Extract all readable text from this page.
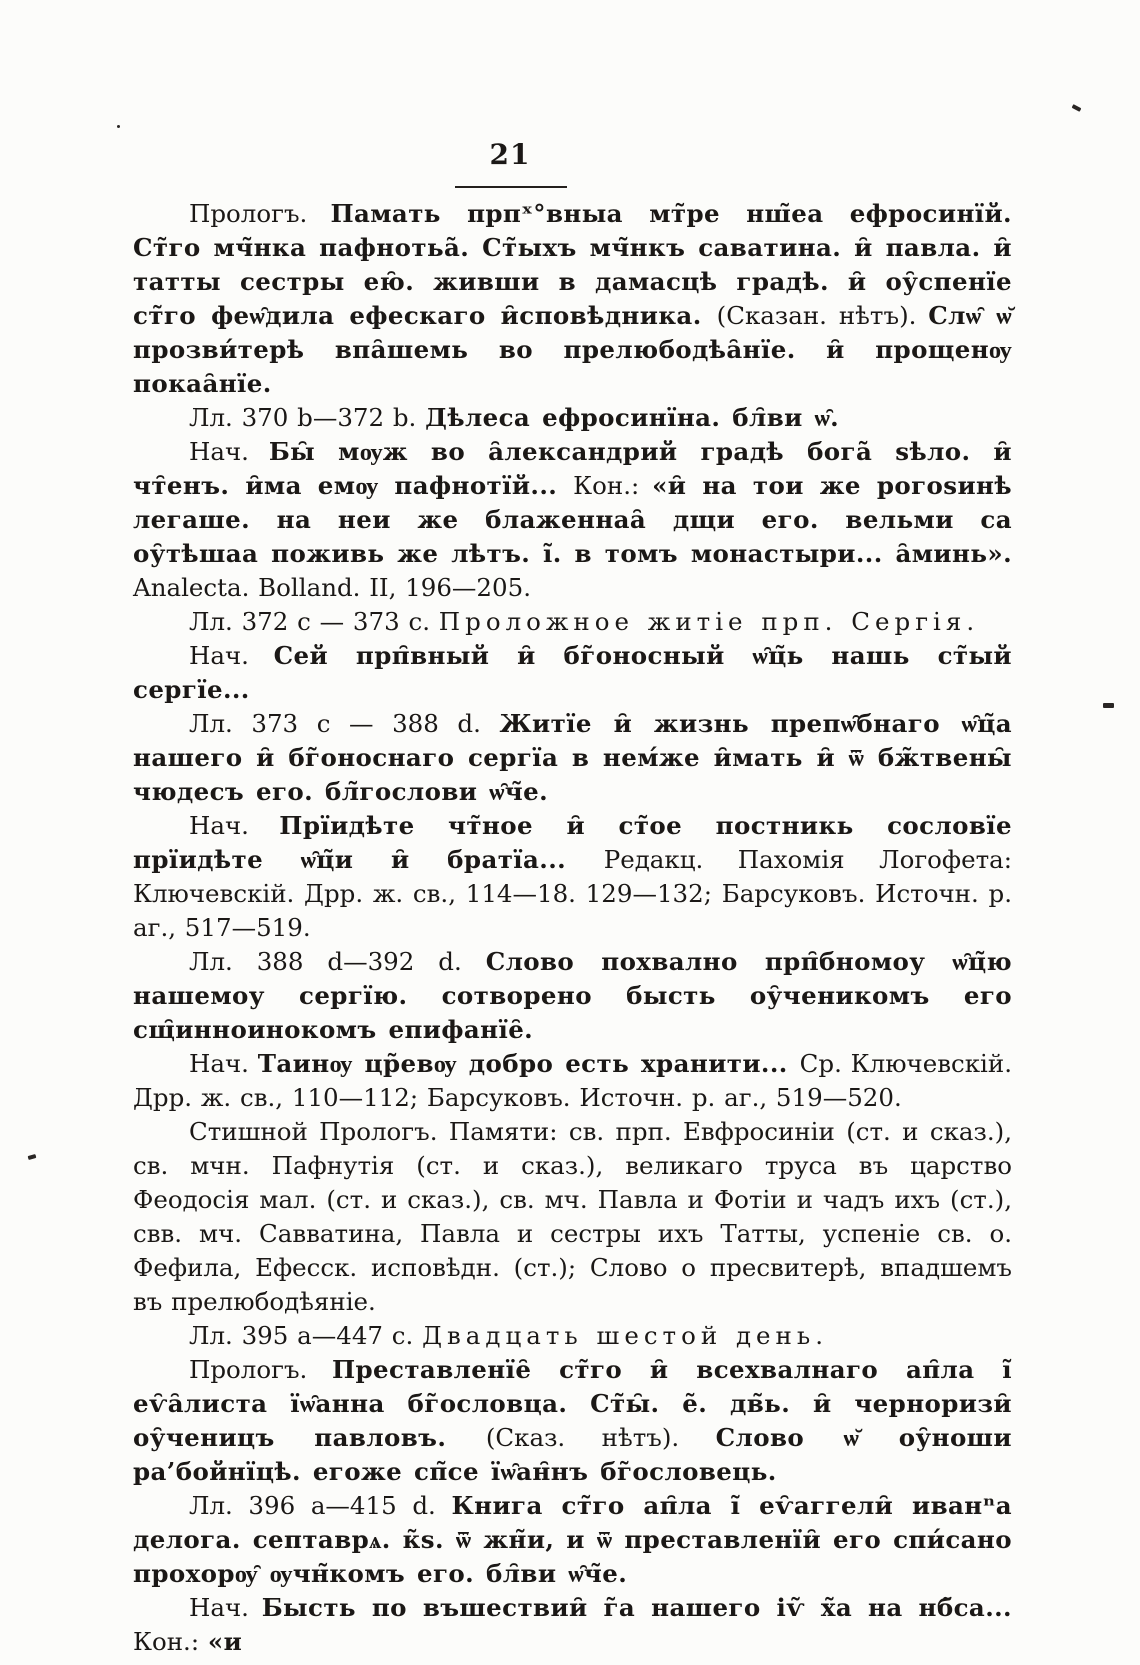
21

Прологъ. Памать прпˣ°вныа мт̃ре нш̃еа ефросинїй. Ст̃го мч̃нка пафнотьа̃. Ст̃ыхъ мч̃нкъ саватина. и̑ павла. и̑ татты сестры ею̑. живши в дамасцѣ градѣ. и̑ оу̑спенїе ст̃го феѡ̑дила ефескаго и̑сповѣдника. (Сказан. нѣтъ). Слѡ̑ ѡ̆ прозви́терѣ впа̑шемь во прелюбодѣа̑нїе. и̑ прощенѹ покаа̑нїе.

Лл. 370 b—372 b. Дѣлеса ефросинїна. бл̑ви ѡ̑.

Нач. Бы̑ мѹж во а̑лександрий градѣ бога̃ ѕѣло. и̑ чт̑енъ. и̑ма емѹ пафнотїй... Кон.: «и̑ на тои же рогоѕинѣ легаше. на неи же блаженнаа̑ дщи его. вельми са оу̑тѣшаа поживь же лѣтъ. і̃. в томъ монастыри... а̑минь». Analecta. Bolland. II, 196—205.

Лл. 372 c — 373 c. Проложное житіе прп. Сергія.

Нач. Сей прп̑вный и̑ бг̃оносный ѡ̑ц̃ь нашь ст̃ый сергїе...

Лл. 373 c — 388 d. Житїе и̑ жизнь препѡ̑бнаго ѡ̑ц̃а нашего и̑ бг̃оноснаго сергїа в нем́же и̑мать и̑ ѿ бж̃твены̑ чюдесъ его. бл̃гослови ѡ̑ч̃е.

Нач. Прїидѣте чт̃ное и̑ ст̃ое постникь сословїе прїидѣте ѡ̑ц̃и и̑ братїа... Редакц. Пахомія Логофета: Ключевскій. Дрр. ж. св., 114—18. 129—132; Барсуковъ. Источн. р. аг., 517—519.

Лл. 388 d—392 d. Слово похвално прп̑бномоу ѡ̑ц̃ю нашемоу сергїю. сотворено бысть оу̑ченикомъ его сщ̑инноинокомъ епифанїе̑.

Нач. Таинѹ цр̃евѹ добро есть хранити... Ср. Ключевскій. Дрр. ж. св., 110—112; Барсуковъ. Источн. р. аг., 519—520.

Стишной Прологъ. Памяти: св. прп. Евфросиніи (ст. и сказ.), св. мчн. Пафнутія (ст. и сказ.), великаго труса въ царство Феодосія мал. (ст. и сказ.), св. мч. Павла и Фотіи и чадъ ихъ (ст.), свв. мч. Савватина, Павла и сестры ихъ Татты, успеніе св. о. Фефила, Ефесск. исповѣдн. (ст.); Слово о пресвитерѣ, впадшемъ въ прелюбодѣяніе.

Лл. 395 a—447 c. Двадцать шестой день.

Прологъ. Преставленїе̑ ст̃го и̑ всехвалнаго ап̑ла і̃ еѵ̑а̑листа їѡ̑анна бг̃ословца. Ст̃ы̑. е̃. дв̃ь. и̑ черноризи̑ оу̑ченицъ павловъ. (Сказ. нѣтъ). Слово ѡ̆ оу̑ноши ра’бойнїцѣ. егоже сп̃се їѡ̑ан̑нъ бг̃ословець.

Лл. 396 a—415 d. Книга ст̃го ап̑ла і̃ еѵ̑аггели̑ иванⁿа делога. септаврѧ. к̃ѕ. ѿ жн̃и, и ѿ преставленїи̑ его спи́сано прохорѹ̑ ѹчн̃комъ его. бл̑ви ѡ̑ч̃е.

Нач. Бысть по въшествии̑ г̃а нашего іѵ̃ х̃а на нб̃са... Кон.: «и
